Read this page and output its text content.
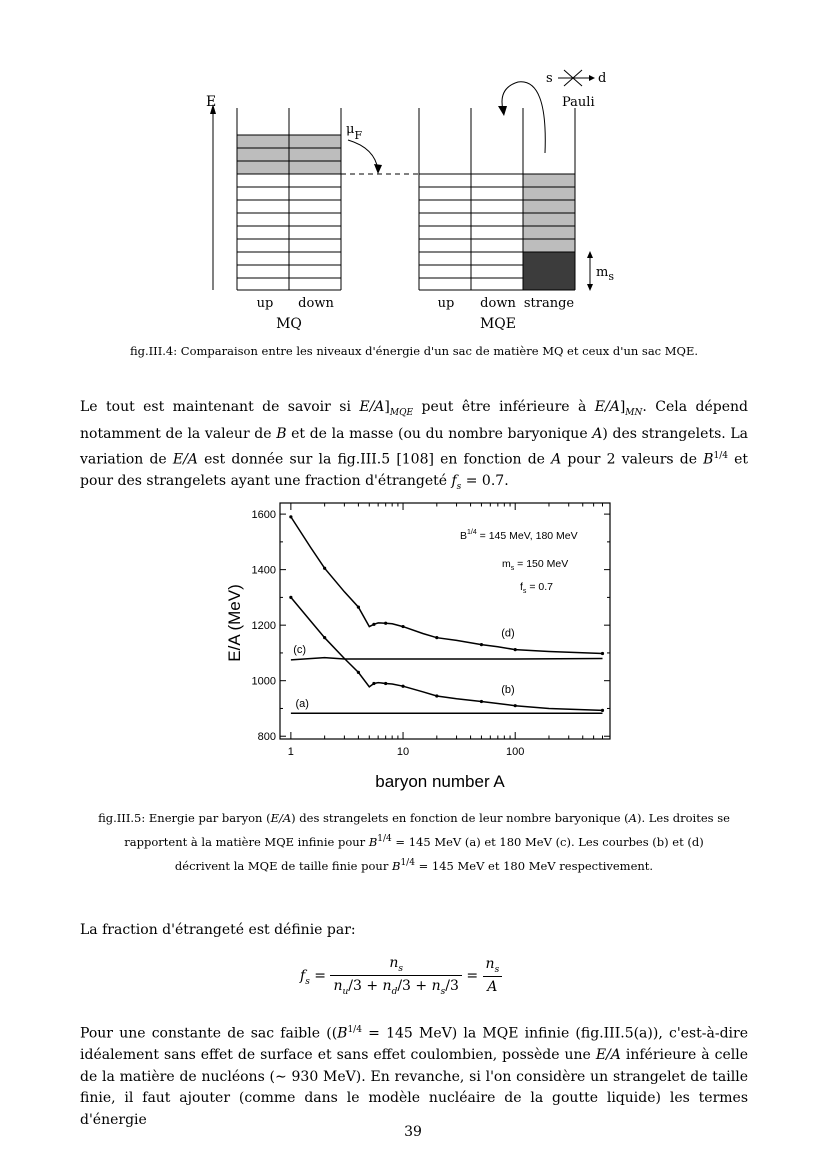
E
$\mu_F$
s	d
Pauli
$m_s$
up down
MQ
up down strange
MQE
fig.III.4: Comparaison entre les niveaux d'énergie d'un sac de matière MQ et ceux d'un sac MQE.
Le tout est maintenant de savoir si $E/A]_{MQE}$ peut être inférieure à $E/A]_{MN}$. Cela dépend notamment de la valeur de B et de la masse (ou du nombre baryonique A) des strangelets. La variation de E/A est donnée sur la fig.III.5 [108] en fonction de A pour 2 valeurs de $B^{1/4}$ et pour des strangelets ayant une fraction d'étrangeté $f_s = 0.7$.
800
1000
1200
1400
1600
1	10	100
(a)
(b)
(c)
(d)
$B^{1/4} = 145$ MeV, 180 MeV
$m_s = 150$ MeV
$f_s = 0.7$
E/A (MeV)
baryon number A
fig.III.5: Energie par baryon (E/A) des strangelets en fonction de leur nombre baryonique (A). Les droites se
rapportent à la matière MQE infinie pour $B^{1/4} = 145$ MeV (a) et 180 MeV (c). Les courbes (b) et (d)
décrivent la MQE de taille finie pour $B^{1/4} = 145$ MeV et 180 MeV respectivement.
La fraction d'étrangeté est définie par:
$f_s = \frac{n_s}{n_u/3 + n_d/3 + n_s/3} = \frac{n_s}{A}$
Pour une constante de sac faible (($B^{1/4} = 145$ MeV) la MQE infinie (fig.III.5(a)), c'est-à-dire idéalement sans effet de surface et sans effet coulombien, possède une E/A inférieure à celle de la matière de nucléons (∼ 930 MeV). En revanche, si l'on considère un strangelet de taille finie, il faut ajouter (comme dans le modèle nucléaire de la goutte liquide) les termes d'énergie
39
